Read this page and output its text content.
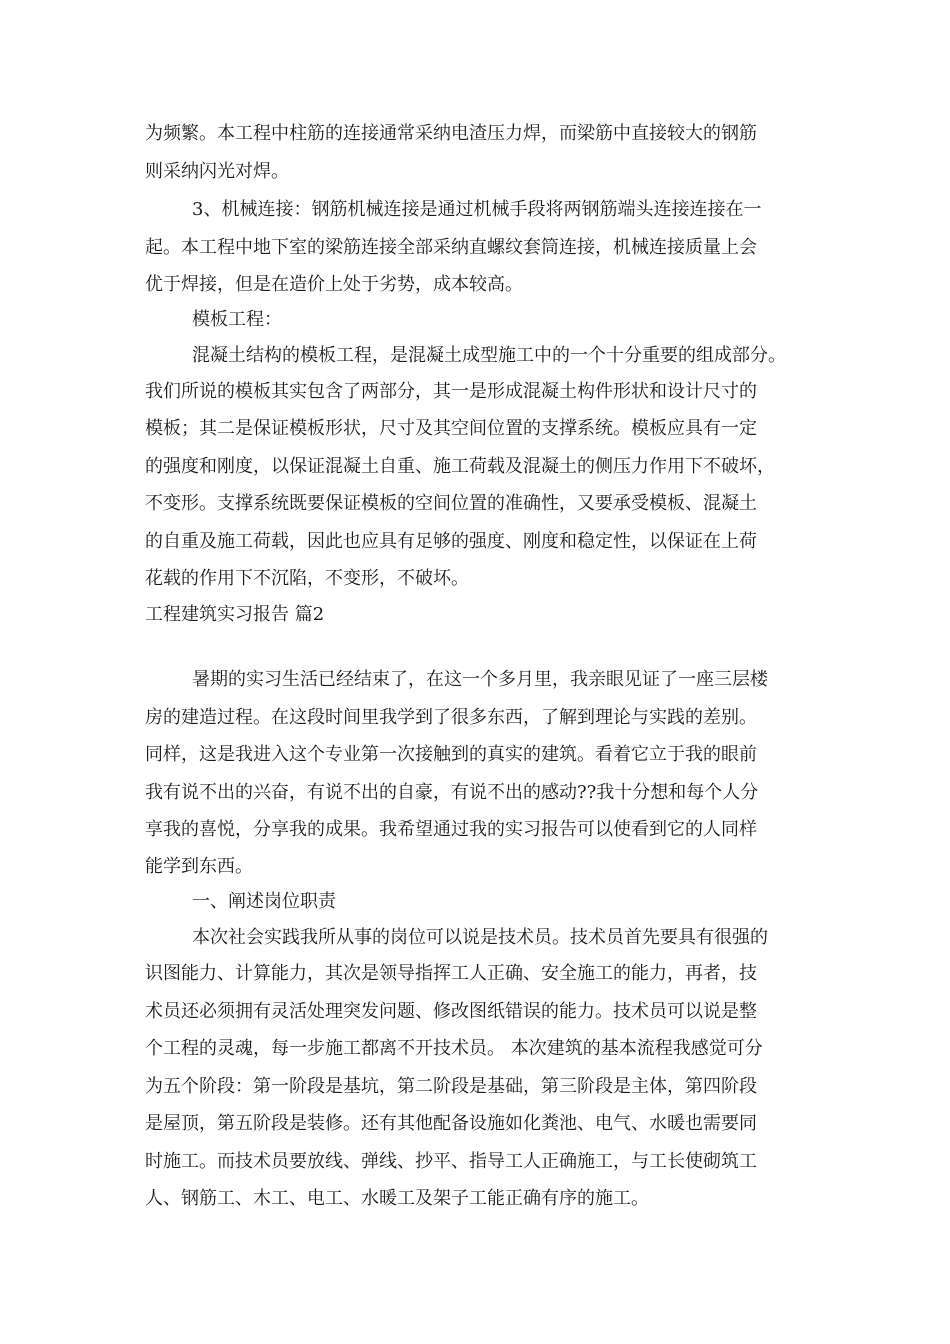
为频繁。本工程中柱筋的连接通常采纳电渣压力焊，而梁筋中直接较大的钢筋
则采纳闪光对焊。
3、机械连接：钢筋机械连接是通过机械手段将两钢筋端头连接连接在一
起。本工程中地下室的梁筋连接全部采纳直螺纹套筒连接，机械连接质量上会
优于焊接，但是在造价上处于劣势，成本较高。
模板工程：
混凝土结构的模板工程，是混凝土成型施工中的一个十分重要的组成部分。
我们所说的模板其实包含了两部分，其一是形成混凝土构件形状和设计尺寸的
模板；其二是保证模板形状，尺寸及其空间位置的支撑系统。模板应具有一定
的强度和刚度，以保证混凝土自重、施工荷载及混凝土的侧压力作用下不破坏，
不变形。支撑系统既要保证模板的空间位置的准确性，又要承受模板、混凝土
的自重及施工荷载，因此也应具有足够的强度、刚度和稳定性，以保证在上荷
花载的作用下不沉陷，不变形，不破坏。
工程建筑实习报告 篇2
暑期的实习生活已经结束了，在这一个多月里，我亲眼见证了一座三层楼
房的建造过程。在这段时间里我学到了很多东西，了解到理论与实践的差别。
同样，这是我进入这个专业第一次接触到的真实的建筑。看着它立于我的眼前
我有说不出的兴奋，有说不出的自豪，有说不出的感动??我十分想和每个人分
享我的喜悦，分享我的成果。我希望通过我的实习报告可以使看到它的人同样
能学到东西。
一、阐述岗位职责
本次社会实践我所从事的岗位可以说是技术员。技术员首先要具有很强的
识图能力、计算能力，其次是领导指挥工人正确、安全施工的能力，再者，技
术员还必须拥有灵活处理突发问题、修改图纸错误的能力。技术员可以说是整
个工程的灵魂，每一步施工都离不开技术员。 本次建筑的基本流程我感觉可分
为五个阶段：第一阶段是基坑，第二阶段是基础，第三阶段是主体，第四阶段
是屋顶，第五阶段是装修。还有其他配备设施如化粪池、电气、水暖也需要同
时施工。而技术员要放线、弹线、抄平、指导工人正确施工，与工长使砌筑工
人、钢筋工、木工、电工、水暖工及架子工能正确有序的施工。
